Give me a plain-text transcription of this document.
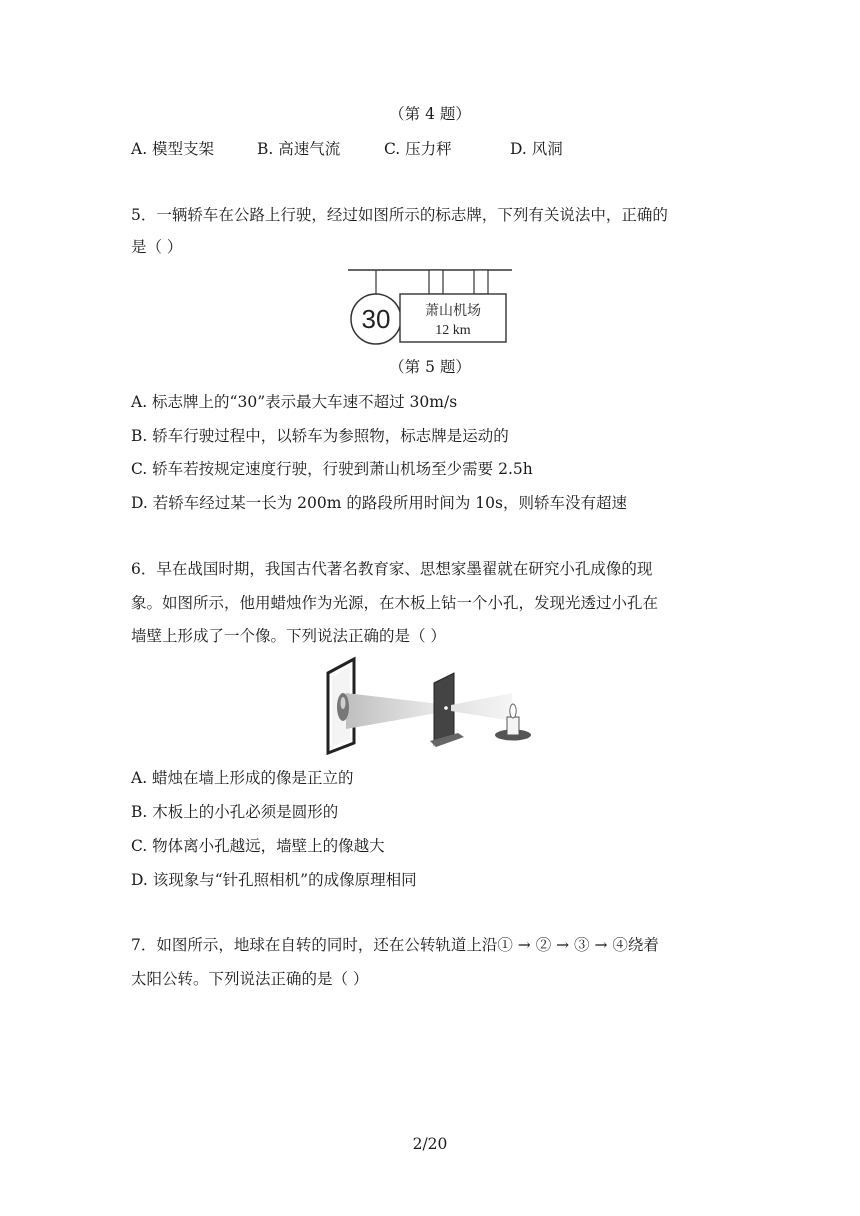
（第 4 题）
A. 模型支架	B. 高速气流	C. 压力秤	D. 风洞
5．一辆轿车在公路上行驶，经过如图所示的标志牌，下列有关说法中，正确的
是（ ）
30 萧山机场
12 km
（第 5 题）
A. 标志牌上的“30”表示最大车速不超过 30m/s
B. 轿车行驶过程中，以轿车为参照物，标志牌是运动的
C. 轿车若按规定速度行驶，行驶到萧山机场至少需要 2.5h
D. 若轿车经过某一长为 200m 的路段所用时间为 10s，则轿车没有超速
6．早在战国时期，我国古代著名教育家、思想家墨翟就在研究小孔成像的现
象。如图所示，他用蜡烛作为光源，在木板上钻一个小孔，发现光透过小孔在
墙壁上形成了一个像。下列说法正确的是（ ）
A. 蜡烛在墙上形成的像是正立的
B. 木板上的小孔必须是圆形的
C. 物体离小孔越远，墙壁上的像越大
D. 该现象与“针孔照相机”的成像原理相同
7．如图所示，地球在自转的同时，还在公转轨道上沿① → ② → ③ → ④绕着
太阳公转。下列说法正确的是（ ）
2/20
